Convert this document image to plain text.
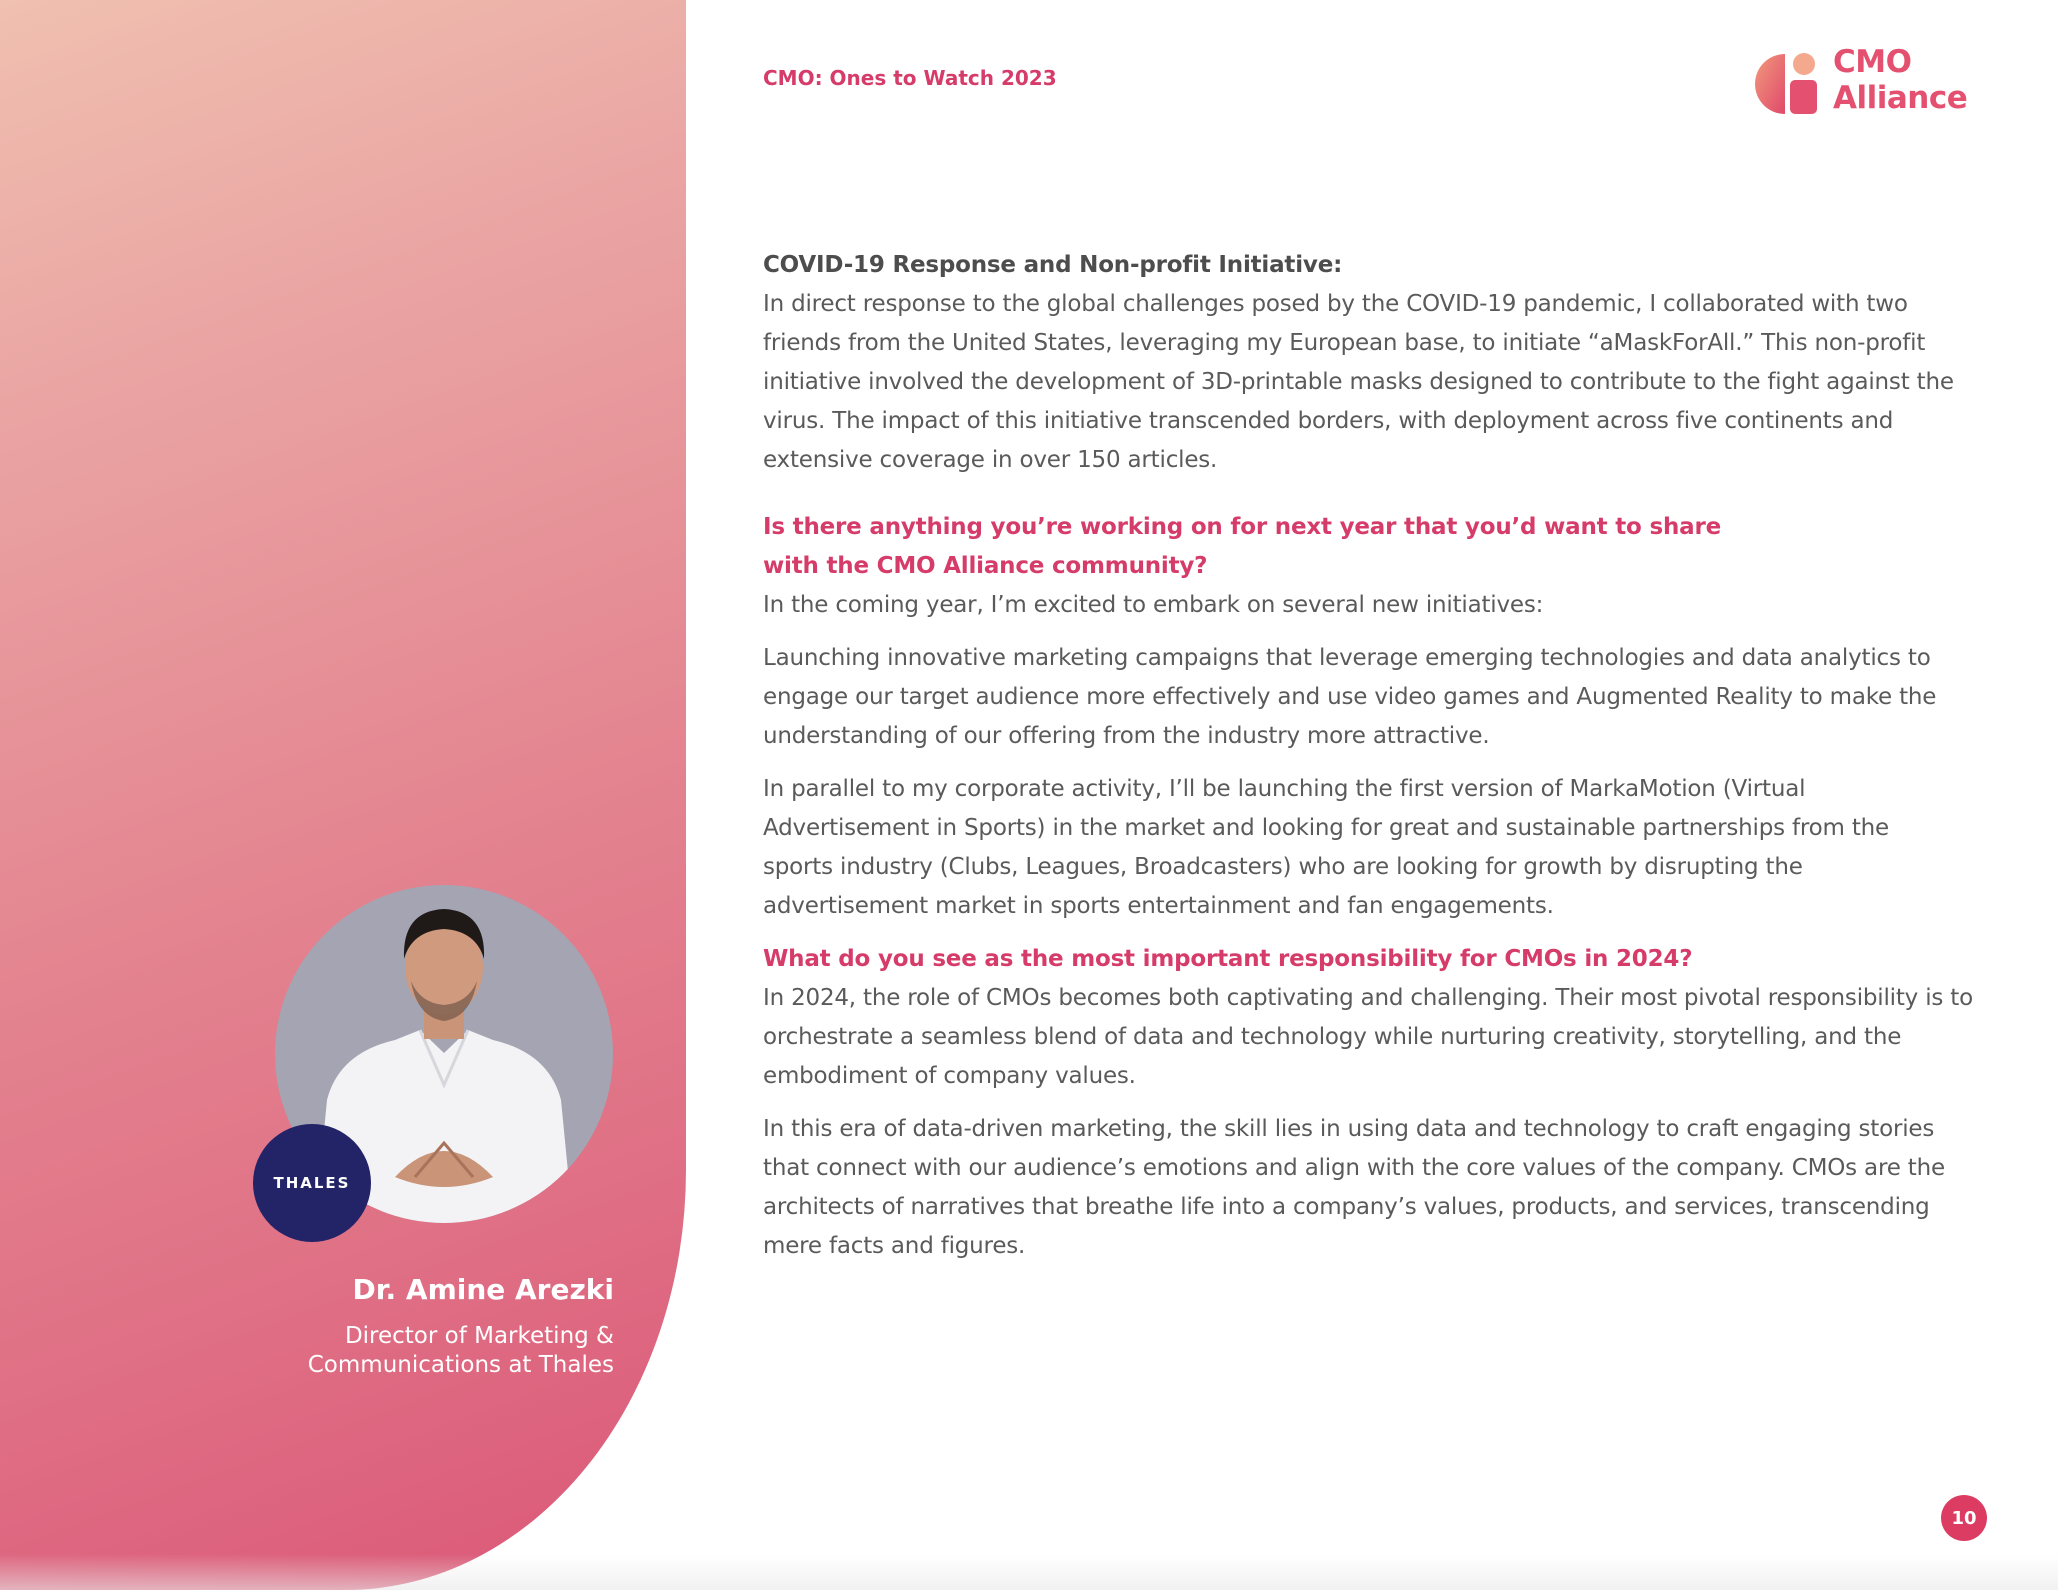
CMO: Ones to Watch 2023	CMO
Alliance

COVID-19 Response and Non-profit Initiative:

In direct response to the global challenges posed by the COVID-19 pandemic, I collaborated with two friends from the United States, leveraging my European base, to initiate “aMaskForAll.” This non-profit initiative involved the development of 3D-printable masks designed to contribute to the fight against the virus. The impact of this initiative transcended borders, with deployment across five continents and extensive coverage in over 150 articles.

Is there anything you’re working on for next year that you’d want to share with the CMO Alliance community?

In the coming year, I’m excited to embark on several new initiatives:

Launching innovative marketing campaigns that leverage emerging technologies and data analytics to engage our target audience more effectively and use video games and Augmented Reality to make the understanding of our offering from the industry more attractive.

In parallel to my corporate activity, I’ll be launching the first version of MarkaMotion (Virtual Advertisement in Sports) in the market and looking for great and sustainable partnerships from the sports industry (Clubs, Leagues, Broadcasters) who are looking for growth by disrupting the advertisement market in sports entertainment and fan engagements.

What do you see as the most important responsibility for CMOs in 2024?

In 2024, the role of CMOs becomes both captivating and challenging. Their most pivotal responsibility is to orchestrate a seamless blend of data and technology while nurturing creativity, storytelling, and the embodiment of company values.

In this era of data-driven marketing, the skill lies in using data and technology to craft engaging stories that connect with our audience’s emotions and align with the core values of the company. CMOs are the architects of narratives that breathe life into a company’s values, products, and services, transcending mere facts and figures.

THALES
Dr. Amine Arezki
Director of Marketing & Communications at Thales
10
